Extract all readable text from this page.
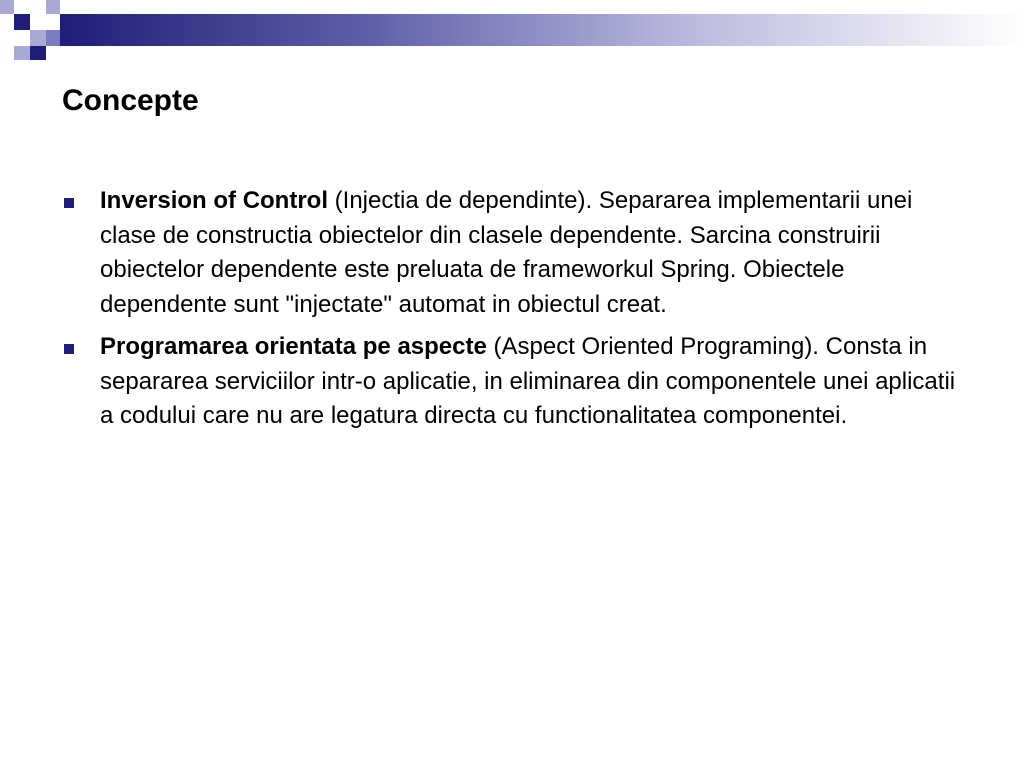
Concepte
Inversion of Control (Injectia de dependinte). Separarea implementarii unei clase de constructia obiectelor din clasele dependente. Sarcina construirii obiectelor dependente este preluata de frameworkul Spring. Obiectele dependente sunt "injectate" automat in obiectul creat.
Programarea orientata pe aspecte (Aspect Oriented Programing). Consta in separarea serviciilor intr-o aplicatie, in eliminarea din componentele unei aplicatii a codului care nu are legatura directa cu functionalitatea componentei.
